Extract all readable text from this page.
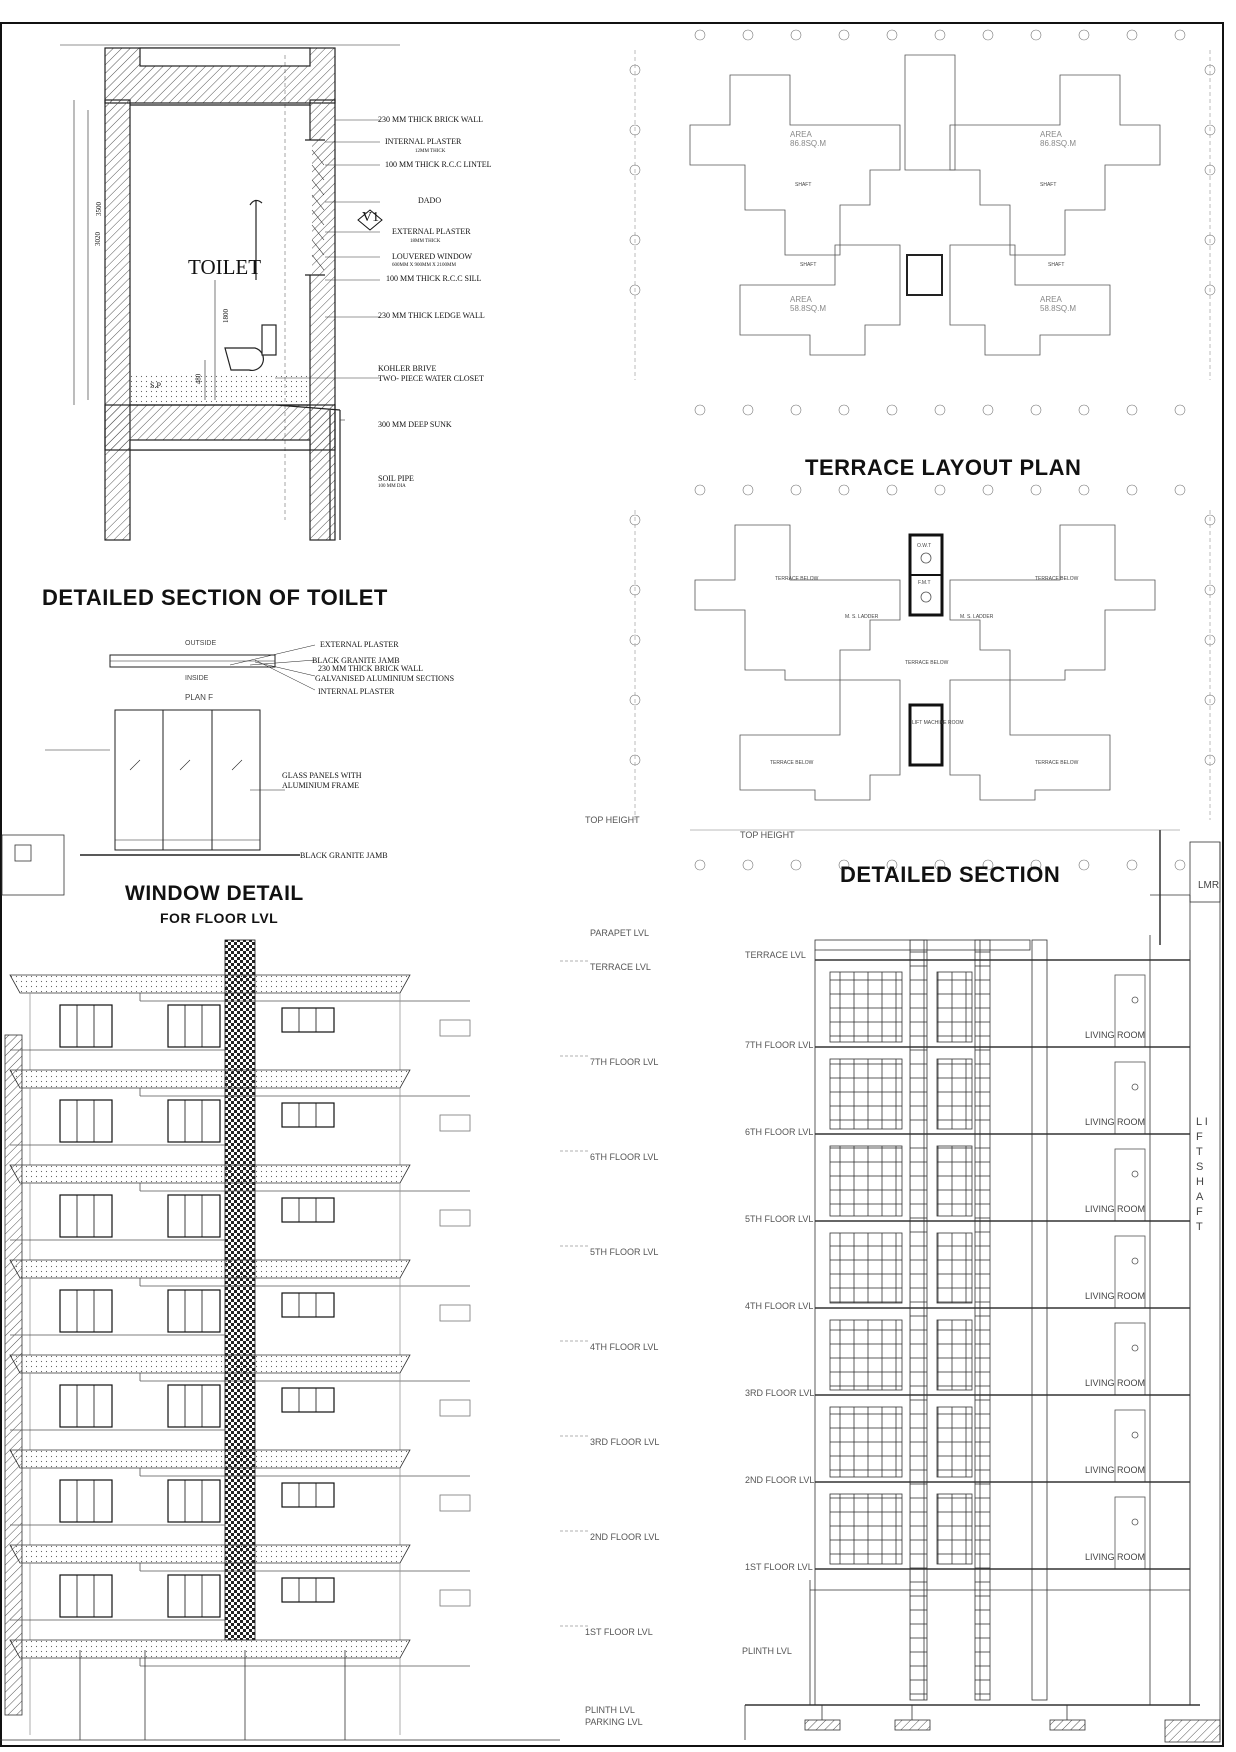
DETAILED SECTION OF TOILET
TERRACE LAYOUT PLAN
DETAILED SECTION
WINDOW DETAIL
FOR FLOOR LVL
TOILET
V1
S.P
230 MM THICK BRICK WALL
INTERNAL PLASTER
12MM THICK
100 MM THICK R.C.C LINTEL
DADO
EXTERNAL PLASTER
18MM THICK
LOUVERED WINDOW
600MM X 900MM X 2100MM
100 MM THICK R.C.C SILL
230 MM THICK LEDGE WALL
KOHLER BRIVE
TWO- PIECE WATER CLOSET
300 MM DEEP SUNK
SOIL PIPE
100 MM DIA
3500
3020
1800
480
OUTSIDE
INSIDE
PLAN F
EXTERNAL PLASTER
BLACK GRANITE JAMB
230 MM THICK BRICK WALL
GALVANISED ALUMINIUM SECTIONS
INTERNAL PLASTER
GLASS PANELS WITH
ALUMINIUM FRAME
BLACK GRANITE JAMB
AREA
86.8SQ.M
AREA
86.8SQ.M
AREA
58.8SQ.M
AREA
58.8SQ.M
SHAFT	SHAFT
SHAFT	SHAFT
TERRACE BELOW	TERRACE BELOW
TERRACE BELOW
TERRACE BELOW	TERRACE BELOW
O.W.T
F.M.T
LIFT MACHINE ROOM
M. S. LADDER	M. S. LADDER
TOP HEIGHT
TOP HEIGHT
PARAPET LVL
TERRACE LVL
7TH FLOOR LVL
6TH FLOOR LVL
5TH FLOOR LVL
4TH FLOOR LVL
3RD FLOOR LVL
2ND FLOOR LVL
1ST FLOOR LVL
PLINTH LVL
PARKING LVL
TERRACE LVL
7TH FLOOR LVL
6TH FLOOR LVL
5TH FLOOR LVL
4TH FLOOR LVL
3RD FLOOR LVL
2ND FLOOR LVL
1ST FLOOR LVL
PLINTH LVL
LIVING ROOM
LIVING ROOM
LIVING ROOM
LIVING ROOM
LIVING ROOM
LIVING ROOM
LIVING ROOM
LMR
L I F T S H A F T
